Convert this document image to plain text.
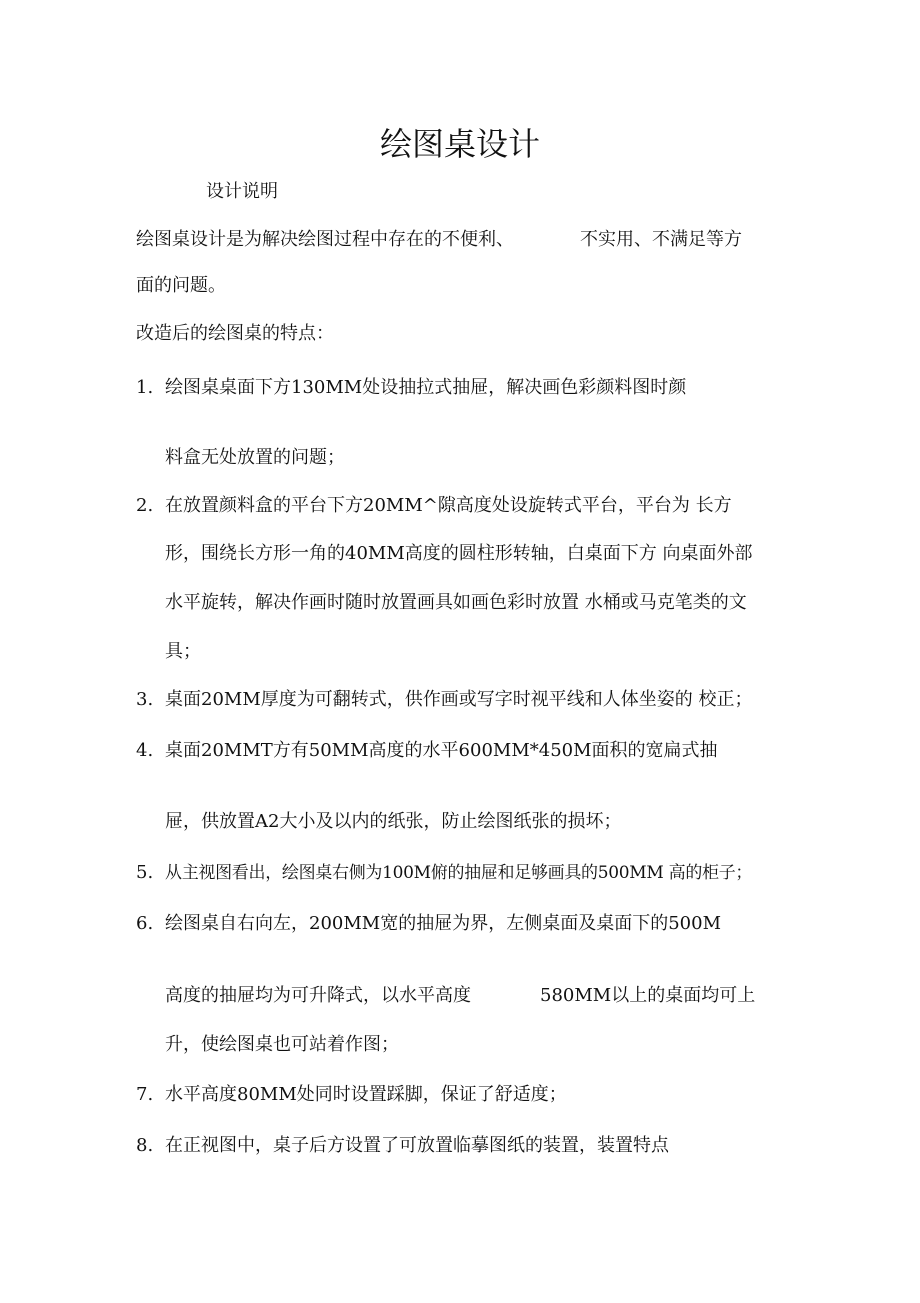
绘图桌设计
设计说明
绘图桌设计是为解决绘图过程中存在的不便利、	不实用、不满足等方
面的问题。
改造后的绘图桌的特点：
1. 绘图桌桌面下方130MM处设抽拉式抽屉，解决画色彩颜料图时颜
料盒无处放置的问题；
2. 在放置颜料盒的平台下方20MM^隙高度处设旋转式平台，平台为 长方
形，围绕长方形一角的40MM高度的圆柱形转轴，白桌面下方 向桌面外部
水平旋转，解决作画时随时放置画具如画色彩时放置 水桶或马克笔类的文
具；
3. 桌面20MM厚度为可翻转式，供作画或写字时视平线和人体坐姿的 校正；
4. 桌面20MMT方有50MM高度的水平600MM*450M面积的宽扁式抽
屉，供放置A2大小及以内的纸张，防止绘图纸张的损坏；
5. 从主视图看出，绘图桌右侧为100M俯的抽屉和足够画具的500MM 高的柜子；
6. 绘图桌自右向左，200MM宽的抽屉为界，左侧桌面及桌面下的500M
高度的抽屉均为可升降式，以水平高度	580MM以上的桌面均可上
升，使绘图桌也可站着作图；
7. 水平高度80MM处同时设置踩脚，保证了舒适度；
8. 在正视图中，桌子后方设置了可放置临摹图纸的装置，装置特点
